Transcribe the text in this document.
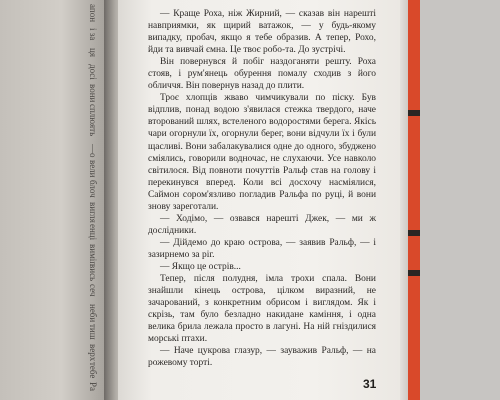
апон
і за
ця
досі
вони
сплю
ять
—о
вели
блоч
вигля
енці
виміп
вись
сеч
неби
тиш
верх
тебе
Ра

— Краще Роха, ніж Жирний, — сказав він нарешті навприямки, як щирий ватажок, — у будь-якому випадку, пробач, якщо я тебе образив. А тепер, Рохо, йди та вивчай ємна. Це твоє робо-та. До зустрічі.

Він повернувся й побіг наздоганяти решту. Роха стояв, і рум'янець обурення помалу сходив з його обличчя. Він повернув назад до плити.

Троє хлопців жваво чимчикували по піску. Був відплив, понад водою з'явилася стежка твердого, наче вторований шлях, встеленого водоростями берега. Якісь чари огорнули їх, огорнули берег, вони відчули їх і були щасливі. Вони забалакувалися одне до одного, збуджено сміялись, говорили водночас, не слухаючи. Усе навколо світилося. Від повноти почуттів Ральф став на голову і перекинувся вперед. Коли всі досхочу насміялися, Саймон сором'язливо погладив Ральфа по руці, й вони знову зареготали.

— Ходімо, — озвався нарешті Джек, — ми ж дослідники.

— Дійдемо до краю острова, — заявив Ральф, — і зазирнемо за ріг.

— Якщо це острів...

Тепер, після полудня, імла трохи спала. Вони знайшли кінець острова, цілком виразний, не зачарований, з конкретним обрисом і виглядом. Як і скрізь, там було безладно накидане каміння, і одна велика брила лежала просто в лагуні. На ній гніздилися морські птахи.

— Наче цукрова глазур, — зауважив Ральф, — на рожевому торті.

31
